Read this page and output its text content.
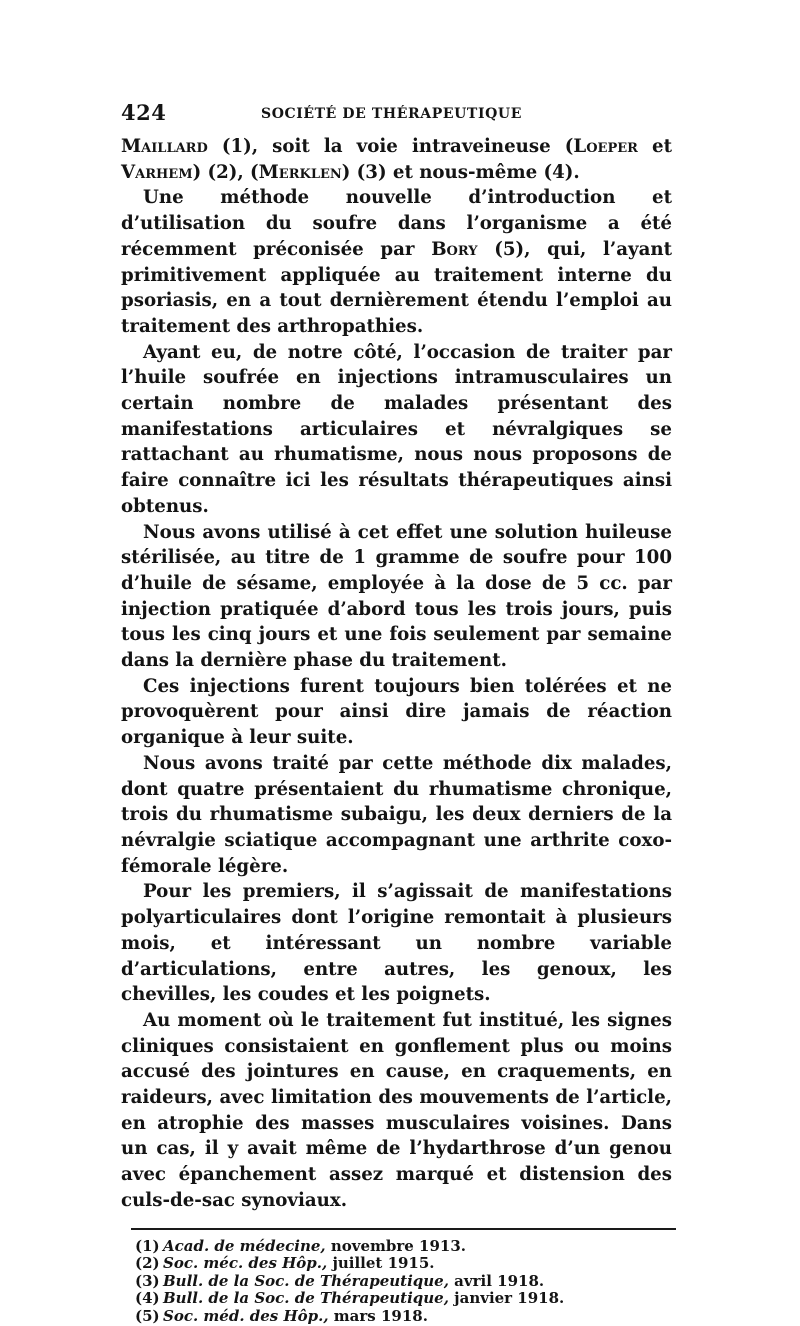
424	SOCIÉTÉ DE THÉRAPEUTIQUE

Maillard (1), soit la voie intraveineuse (Loeper et Varhem) (2), (Merklen) (3) et nous-même (4).

Une méthode nouvelle d’introduction et d’utilisation du soufre dans l’organisme a été récemment préconisée par Bory (5), qui, l’ayant primitivement appliquée au traitement interne du psoriasis, en a tout dernièrement étendu l’emploi au traitement des arthropathies.

Ayant eu, de notre côté, l’occasion de traiter par l’huile soufrée en injections intramusculaires un certain nombre de malades présentant des manifestations articulaires et névralgiques se rattachant au rhumatisme, nous nous proposons de faire connaître ici les résultats thérapeutiques ainsi obtenus.

Nous avons utilisé à cet effet une solution huileuse stérilisée, au titre de 1 gramme de soufre pour 100 d’huile de sésame, employée à la dose de 5 cc. par injection pratiquée d’abord tous les trois jours, puis tous les cinq jours et une fois seulement par semaine dans la dernière phase du traitement.

Ces injections furent toujours bien tolérées et ne provoquèrent pour ainsi dire jamais de réaction organique à leur suite.

Nous avons traité par cette méthode dix malades, dont quatre présentaient du rhumatisme chronique, trois du rhumatisme subaigu, les deux derniers de la névralgie sciatique accompagnant une arthrite coxo-fémorale légère.

Pour les premiers, il s’agissait de manifestations polyarticulaires dont l’origine remontait à plusieurs mois, et intéressant un nombre variable d’articulations, entre autres, les genoux, les chevilles, les coudes et les poignets.

Au moment où le traitement fut institué, les signes cliniques consistaient en gonflement plus ou moins accusé des jointures en cause, en craquements, en raideurs, avec limitation des mouvements de l’article, en atrophie des masses musculaires voisines. Dans un cas, il y avait même de l’hydarthrose d’un genou avec épanchement assez marqué et distension des culs-de-sac synoviaux.

(1) Acad. de médecine, novembre 1913.
(2) Soc. méc. des Hôp., juillet 1915.
(3) Bull. de la Soc. de Thérapeutique, avril 1918.
(4) Bull. de la Soc. de Thérapeutique, janvier 1918.
(5) Soc. méd. des Hôp., mars 1918.
